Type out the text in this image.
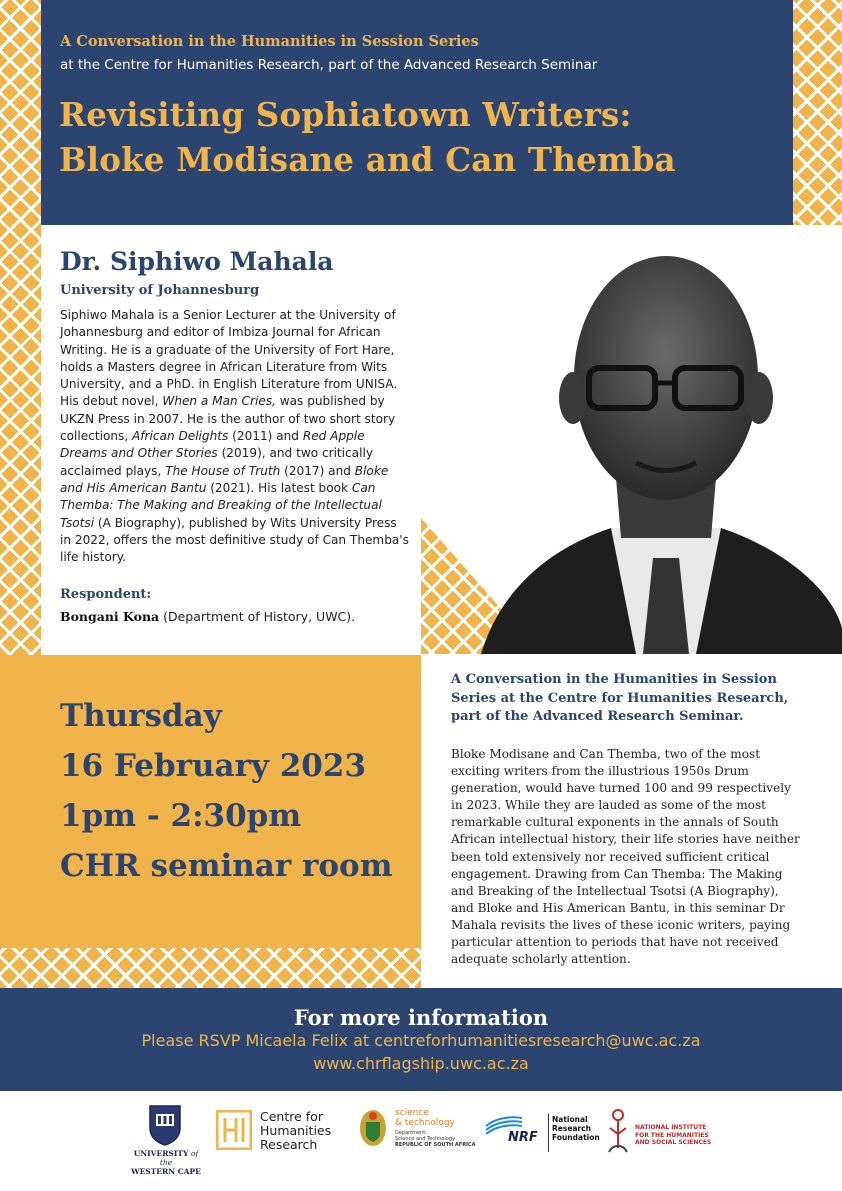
A Conversation in the Humanities in Session Series
at the Centre for Humanities Research, part of the Advanced Research Seminar
Revisiting Sophiatown Writers:
Bloke Modisane and Can Themba
Dr. Siphiwo Mahala
University of Johannesburg
Siphiwo Mahala is a Senior Lecturer at the University of Johannesburg and editor of Imbiza Journal for African Writing. He is a graduate of the University of Fort Hare, holds a Masters degree in African Literature from Wits University, and a PhD. in English Literature from UNISA. His debut novel, When a Man Cries, was published by UKZN Press in 2007. He is the author of two short story collections, African Delights (2011) and Red Apple Dreams and Other Stories (2019), and two critically acclaimed plays, The House of Truth (2017) and Bloke and His American Bantu (2021). His latest book Can Themba: The Making and Breaking of the Intellectual Tsotsi (A Biography), published by Wits University Press in 2022, offers the most definitive study of Can Themba's life history.
Respondent:
Bongani Kona (Department of History, UWC).
Thursday
16 February 2023
1pm - 2:30pm
CHR seminar room
A Conversation in the Humanities in Session Series at the Centre for Humanities Research, part of the Advanced Research Seminar.
Bloke Modisane and Can Themba, two of the most exciting writers from the illustrious 1950s Drum generation, would have turned 100 and 99 respectively in 2023. While they are lauded as some of the most remarkable cultural exponents in the annals of South African intellectual history, their life stories have neither been told extensively nor received sufficient critical engagement. Drawing from Can Themba: The Making and Breaking of the Intellectual Tsotsi (A Biography), and Bloke and His American Bantu, in this seminar Dr Mahala revisits the lives of these iconic writers, paying particular attention to periods that have not received adequate scholarly attention.
For more information
Please RSVP Micaela Felix at centreforhumanitiesresearch@uwc.ac.za
www.chrflagship.uwc.ac.za
UNIVERSITY of the
WESTERN CAPE
Centre for
Humanities
Research
science
& technology
Department:
Science and Technology
REPUBLIC OF SOUTH AFRICA	NRF
National
Research
Foundation
NATIONAL INSTITUTE
FOR THE HUMANITIES
AND SOCIAL SCIENCES
